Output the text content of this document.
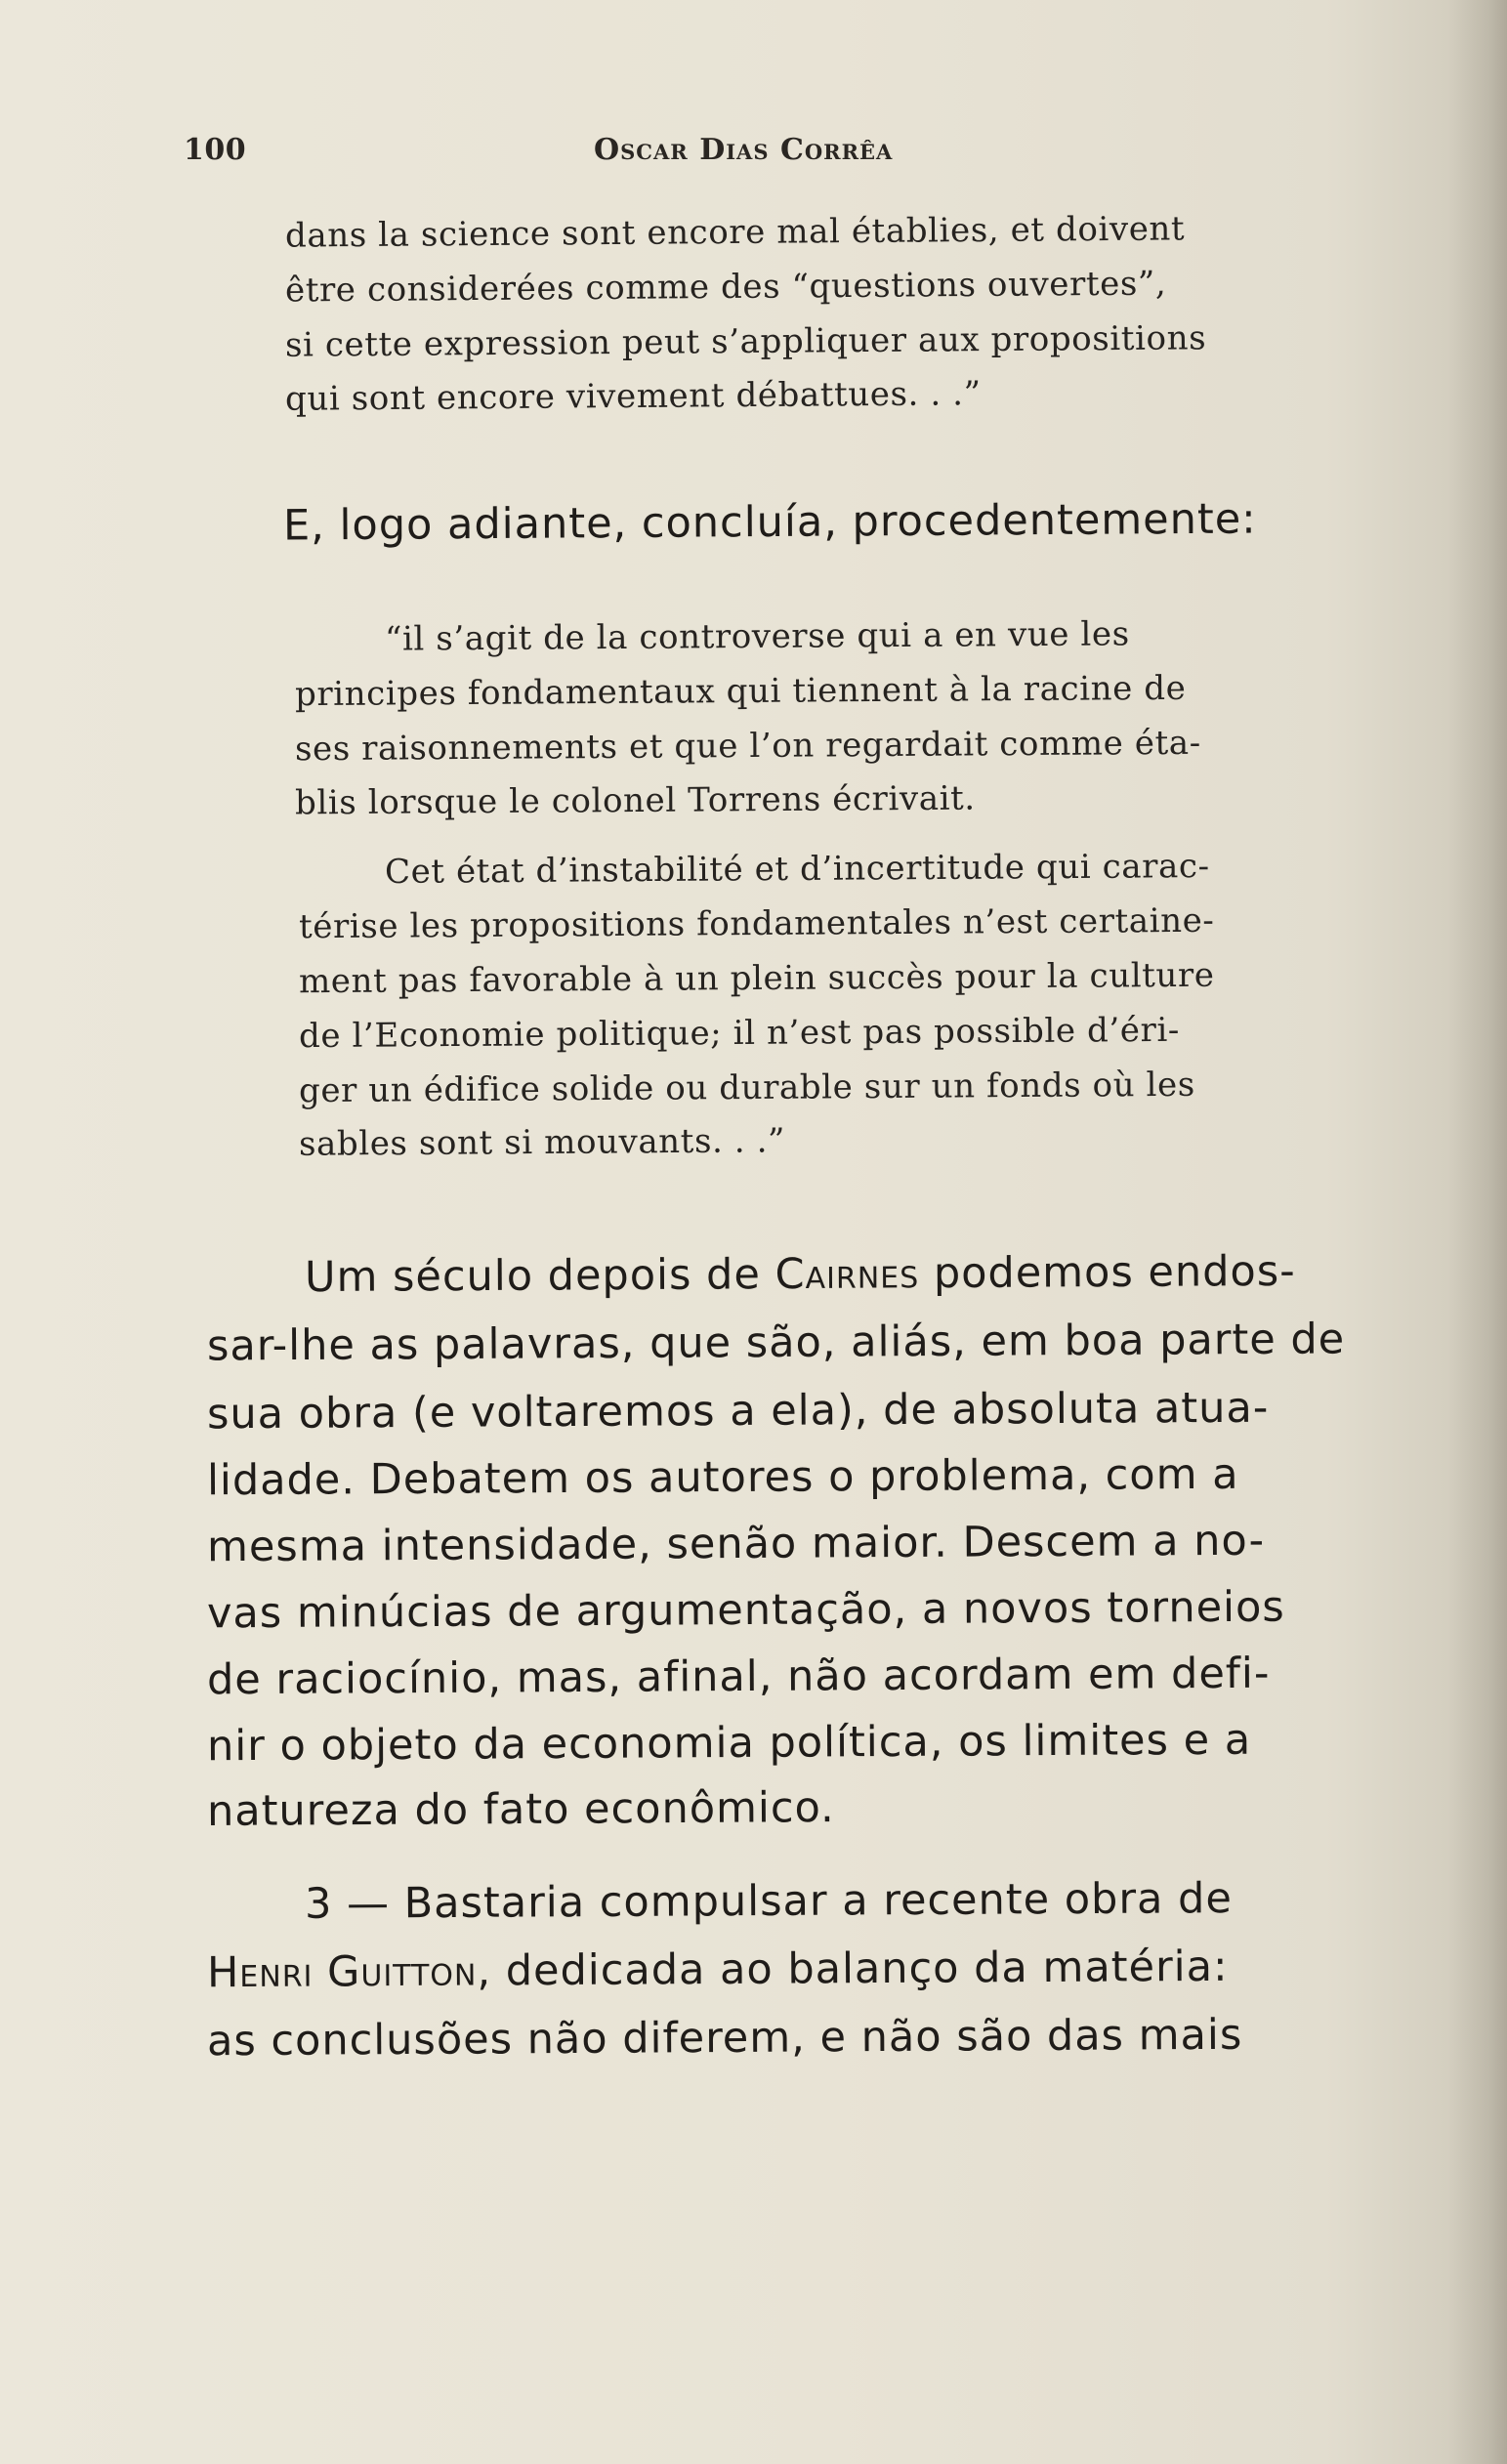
100	Oscar Dias Corrêa
dans la science sont encore mal établies, et doivent
être considerées comme des “questions ouvertes”,
si cette expression peut s’appliquer aux propositions
qui sont encore vivement débattues. . .”
E, logo adiante, concluía, procedentemente:
“il s’agit de la controverse qui a en vue les
principes fondamentaux qui tiennent à la racine de
ses raisonnements et que l’on regardait comme éta-
blis lorsque le colonel Torrens écrivait.
Cet état d’instabilité et d’incertitude qui carac-
térise les propositions fondamentales n’est certaine-
ment pas favorable à un plein succès pour la culture
de l’Economie politique; il n’est pas possible d’éri-
ger un édifice solide ou durable sur un fonds où les
sables sont si mouvants. . .”
Um século depois de Cairnes podemos endos-
sar-lhe as palavras, que são, aliás, em boa parte de
sua obra (e voltaremos a ela), de absoluta atua-
lidade. Debatem os autores o problema, com a
mesma intensidade, senão maior. Descem a no-
vas minúcias de argumentação, a novos torneios
de raciocínio, mas, afinal, não acordam em defi-
nir o objeto da economia política, os limites e a
natureza do fato econômico.
3 — Bastaria compulsar a recente obra de
Henri Guitton, dedicada ao balanço da matéria:
as conclusões não diferem, e não são das mais
